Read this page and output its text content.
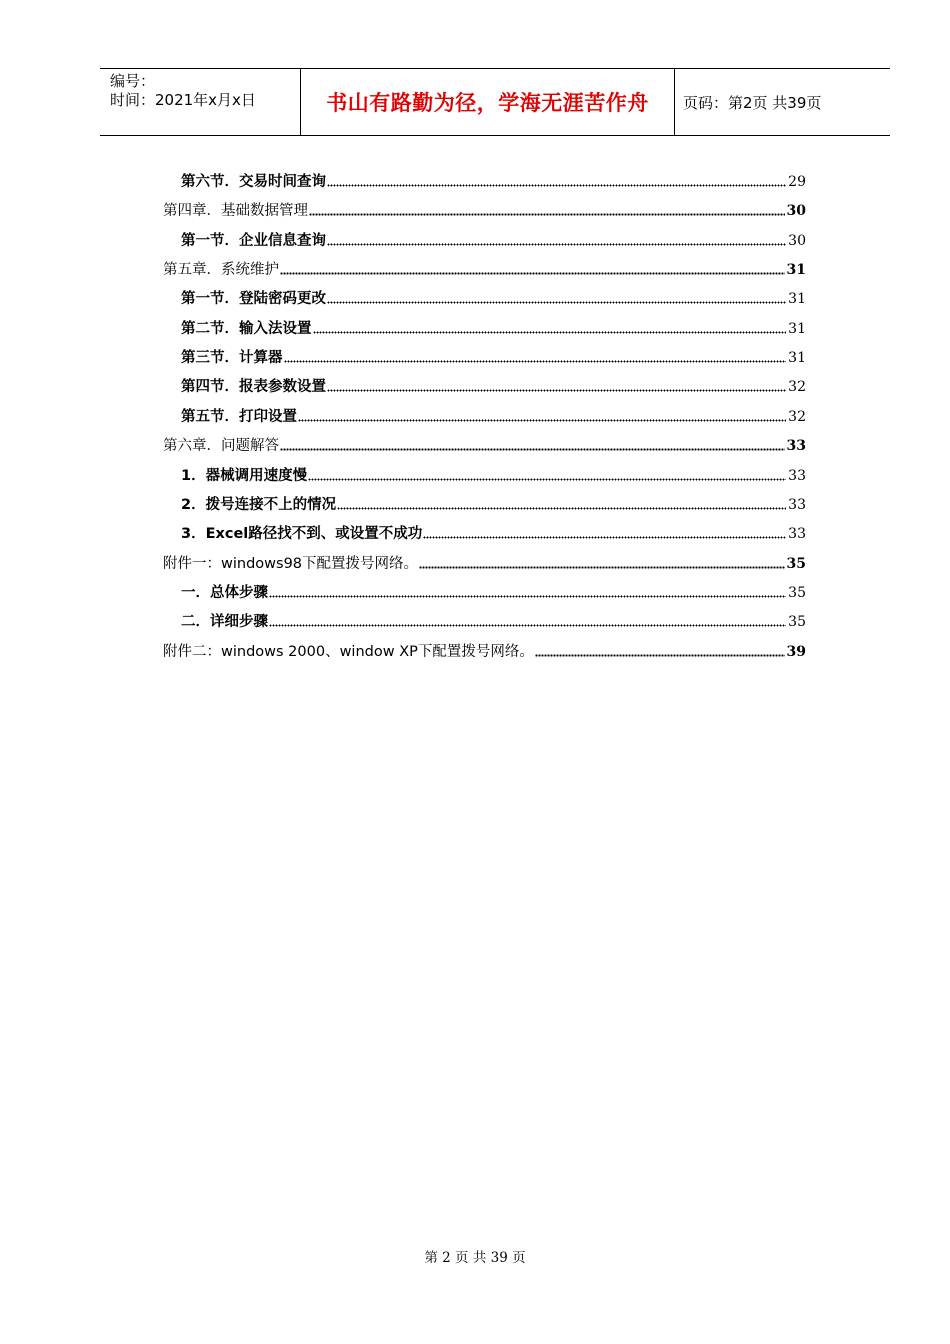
编号：
时间：2021年x月x日	书山有路勤为径，学海无涯苦作舟 页码：第2页 共39页
第六节．交易时间查询	29
第四章．基础数据管理	30
第一节．企业信息查询	30
第五章．系统维护	31
第一节．登陆密码更改	31
第二节．输入法设置	31
第三节．计算器	31
第四节．报表参数设置	32
第五节．打印设置	32
第六章．问题解答	33
1．器械调用速度慢	33
2．拨号连接不上的情况	33
3．Excel路径找不到、或设置不成功	33
附件一：windows98下配置拨号网络。	35
一．总体步骤	35
二．详细步骤	35
附件二：windows 2000、window XP下配置拨号网络。	39
第 2 页 共 39 页
